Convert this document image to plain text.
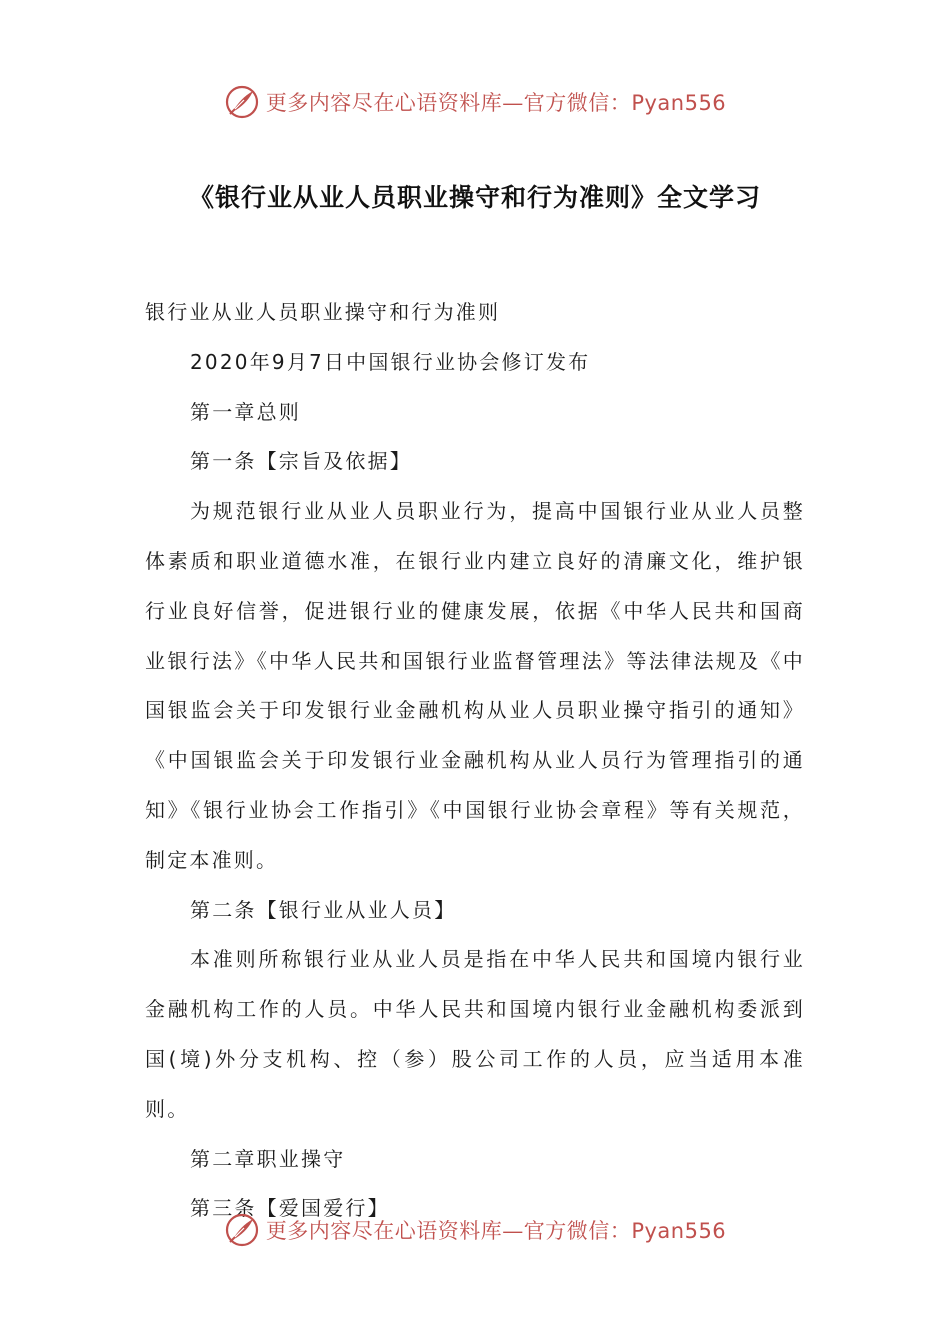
更多内容尽在心语资料库—官方微信：Pyan556
《银行业从业人员职业操守和行为准则》全文学习

银行业从业人员职业操守和行为准则

2020年9月7日中国银行业协会修订发布

第一章总则

第一条【宗旨及依据】

为规范银行业从业人员职业行为，提高中国银行业从业人员整体素质和职业道德水准，在银行业内建立良好的清廉文化，维护银行业良好信誉，促进银行业的健康发展，依据《中华人民共和国商业银行法》《中华人民共和国银行业监督管理法》等法律法规及《中国银监会关于印发银行业金融机构从业人员职业操守指引的通知》《中国银监会关于印发银行业金融机构从业人员行为管理指引的通知》《银行业协会工作指引》《中国银行业协会章程》等有关规范，制定本准则。

第二条【银行业从业人员】

本准则所称银行业从业人员是指在中华人民共和国境内银行业金融机构工作的人员。中华人民共和国境内银行业金融机构委派到国(境)外分支机构、控（参）股公司工作的人员，应当适用本准则。

第二章职业操守

第三条【爱国爱行】

更多内容尽在心语资料库—官方微信：Pyan556
